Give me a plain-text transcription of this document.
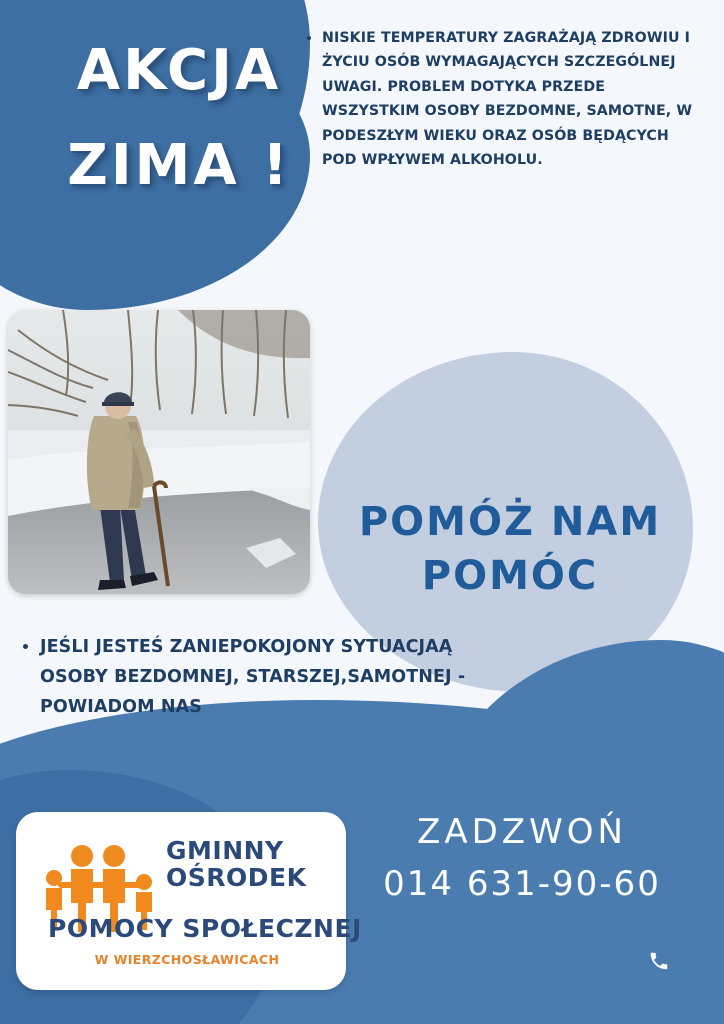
AKCJA
ZIMA !
• NISKIE TEMPERATURY ZAGRAŻAJĄ ZDROWIU I ŻYCIU OSÓB WYMAGAJĄCYCH SZCZEGÓLNEJ UWAGI. PROBLEM DOTYKA PRZEDE WSZYSTKIM OSOBY BEZDOMNE, SAMOTNE, W PODESZŁYM WIEKU ORAZ OSÓB BĘDĄCYCH POD WPŁYWEM ALKOHOLU.
POMÓŻ NAM
POMÓC
• JEŚLI JESTEŚ ZANIEPOKOJONY SYTUACJAĄ OSOBY BEZDOMNEJ, STARSZEJ,SAMOTNEJ - POWIADOM NAS
GMINNY
OŚRODEK
POMOCY SPOŁECZNEJ
W WIERZCHOSŁAWICACH
ZADZWOŃ
014 631-90-60
